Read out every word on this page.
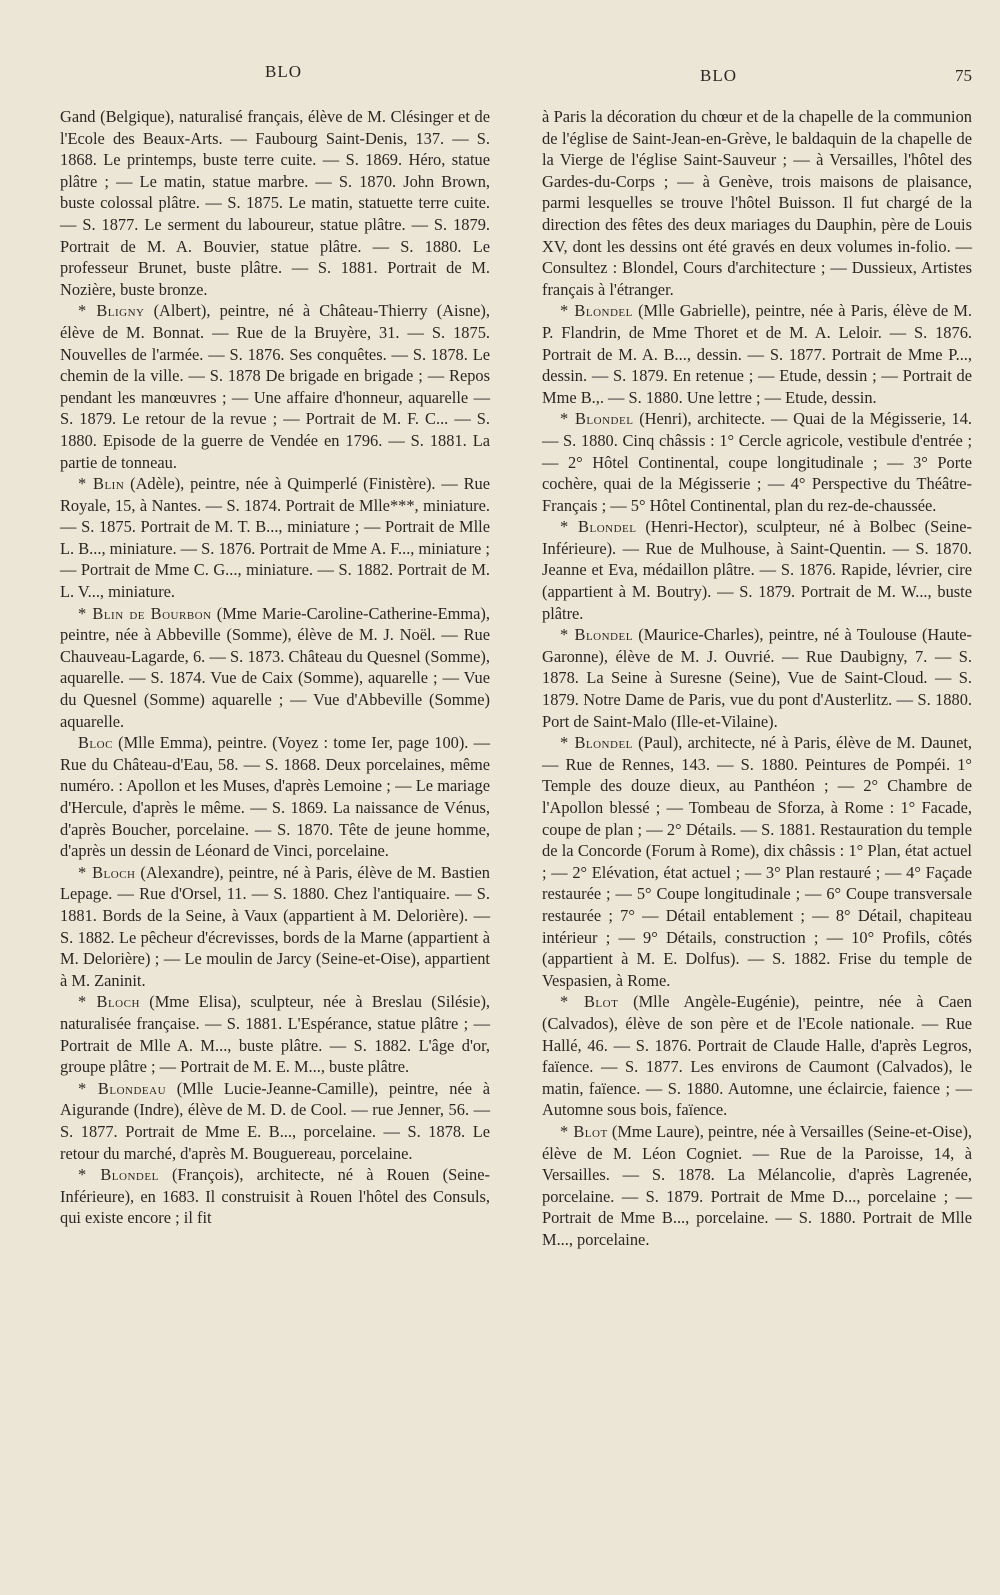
BLO	BLO	75

Gand (Belgique), naturalisé français, élève de M. Clésinger et de l'Ecole des Beaux-Arts. — Faubourg Saint-Denis, 137. — S. 1868. Le printemps, buste terre cuite. — S. 1869. Héro, statue plâtre ; — Le matin, statue marbre. — S. 1870. John Brown, buste colossal plâtre. — S. 1875. Le matin, statuette terre cuite. — S. 1877. Le serment du laboureur, statue plâtre. — S. 1879. Portrait de M. A. Bouvier, statue plâtre. — S. 1880. Le professeur Brunet, buste plâtre. — S. 1881. Portrait de M. Nozière, buste bronze.

* Bligny (Albert), peintre, né à Château-Thierry (Aisne), élève de M. Bonnat. — Rue de la Bruyère, 31. — S. 1875. Nouvelles de l'armée. — S. 1876. Ses conquêtes. — S. 1878. Le chemin de la ville. — S. 1878 De brigade en brigade ; — Repos pendant les manœuvres ; — Une affaire d'honneur, aquarelle — S. 1879. Le retour de la revue ; — Portrait de M. F. C... — S. 1880. Episode de la guerre de Vendée en 1796. — S. 1881. La partie de tonneau.

* Blin (Adèle), peintre, née à Quimperlé (Finistère). — Rue Royale, 15, à Nantes. — S. 1874. Portrait de Mlle***, miniature. — S. 1875. Portrait de M. T. B..., miniature ; — Portrait de Mlle L. B..., miniature. — S. 1876. Portrait de Mme A. F..., miniature ; — Portrait de Mme C. G..., miniature. — S. 1882. Portrait de M. L. V..., miniature.

* Blin de Bourbon (Mme Marie-Caroline-Catherine-Emma), peintre, née à Abbeville (Somme), élève de M. J. Noël. — Rue Chauveau-Lagarde, 6. — S. 1873. Château du Quesnel (Somme), aquarelle. — S. 1874. Vue de Caix (Somme), aquarelle ; — Vue du Quesnel (Somme) aquarelle ; — Vue d'Abbeville (Somme) aquarelle.

Bloc (Mlle Emma), peintre. (Voyez : tome Ier, page 100). — Rue du Château-d'Eau, 58. — S. 1868. Deux porcelaines, même numéro. : Apollon et les Muses, d'après Lemoine ; — Le mariage d'Hercule, d'après le même. — S. 1869. La naissance de Vénus, d'après Boucher, porcelaine. — S. 1870. Tête de jeune homme, d'après un dessin de Léonard de Vinci, porcelaine.

* Bloch (Alexandre), peintre, né à Paris, élève de M. Bastien Lepage. — Rue d'Orsel, 11. — S. 1880. Chez l'antiquaire. — S. 1881. Bords de la Seine, à Vaux (appartient à M. Delorière). — S. 1882. Le pêcheur d'écrevisses, bords de la Marne (appartient à M. Delorière) ; — Le moulin de Jarcy (Seine-et-Oise), appartient à M. Zaninit.

* Bloch (Mme Elisa), sculpteur, née à Breslau (Silésie), naturalisée française. — S. 1881. L'Espérance, statue plâtre ; — Portrait de Mlle A. M..., buste plâtre. — S. 1882. L'âge d'or, groupe plâtre ; — Portrait de M. E. M..., buste plâtre.

* Blondeau (Mlle Lucie-Jeanne-Camille), peintre, née à Aigurande (Indre), élève de M. D. de Cool. — rue Jenner, 56. — S. 1877. Portrait de Mme E. B..., porcelaine. — S. 1878. Le retour du marché, d'après M. Bouguereau, porcelaine.

* Blondel (François), architecte, né à Rouen (Seine-Inférieure), en 1683. Il construisit à Rouen l'hôtel des Consuls, qui existe encore ; il fit

à Paris la décoration du chœur et de la chapelle de la communion de l'église de Saint-Jean-en-Grève, le baldaquin de la chapelle de la Vierge de l'église Saint-Sauveur ; — à Versailles, l'hôtel des Gardes-du-Corps ; — à Genève, trois maisons de plaisance, parmi lesquelles se trouve l'hôtel Buisson. Il fut chargé de la direction des fêtes des deux mariages du Dauphin, père de Louis XV, dont les dessins ont été gravés en deux volumes in-folio. — Consultez : Blondel, Cours d'architecture ; — Dussieux, Artistes français à l'étranger.

* Blondel (Mlle Gabrielle), peintre, née à Paris, élève de M. P. Flandrin, de Mme Thoret et de M. A. Leloir. — S. 1876. Portrait de M. A. B..., dessin. — S. 1877. Portrait de Mme P..., dessin. — S. 1879. En retenue ; — Etude, dessin ; — Portrait de Mme B.,. — S. 1880. Une lettre ; — Etude, dessin.

* Blondel (Henri), architecte. — Quai de la Mégisserie, 14. — S. 1880. Cinq châssis : 1° Cercle agricole, vestibule d'entrée ; — 2° Hôtel Continental, coupe longitudinale ; — 3° Porte cochère, quai de la Mégisserie ; — 4° Perspective du Théâtre-Français ; — 5° Hôtel Continental, plan du rez-de-chaussée.

* Blondel (Henri-Hector), sculpteur, né à Bolbec (Seine-Inférieure). — Rue de Mulhouse, à Saint-Quentin. — S. 1870. Jeanne et Eva, médaillon plâtre. — S. 1876. Rapide, lévrier, cire (appartient à M. Boutry). — S. 1879. Portrait de M. W..., buste plâtre.

* Blondel (Maurice-Charles), peintre, né à Toulouse (Haute-Garonne), élève de M. J. Ouvrié. — Rue Daubigny, 7. — S. 1878. La Seine à Suresne (Seine), Vue de Saint-Cloud. — S. 1879. Notre Dame de Paris, vue du pont d'Austerlitz. — S. 1880. Port de Saint-Malo (Ille-et-Vilaine).

* Blondel (Paul), architecte, né à Paris, élève de M. Daunet, — Rue de Rennes, 143. — S. 1880. Peintures de Pompéi. 1° Temple des douze dieux, au Panthéon ; — 2° Chambre de l'Apollon blessé ; — Tombeau de Sforza, à Rome : 1° Facade, coupe de plan ; — 2° Détails. — S. 1881. Restauration du temple de la Concorde (Forum à Rome), dix châssis : 1° Plan, état actuel ; — 2° Elévation, état actuel ; — 3° Plan restauré ; — 4° Façade restaurée ; — 5° Coupe longitudinale ; — 6° Coupe transversale restaurée ; 7° — Détail entablement ; — 8° Détail, chapiteau intérieur ; — 9° Détails, construction ; — 10° Profils, côtés (appartient à M. E. Dolfus). — S. 1882. Frise du temple de Vespasien, à Rome.

* Blot (Mlle Angèle-Eugénie), peintre, née à Caen (Calvados), élève de son père et de l'Ecole nationale. — Rue Hallé, 46. — S. 1876. Portrait de Claude Halle, d'après Legros, faïence. — S. 1877. Les environs de Caumont (Calvados), le matin, faïence. — S. 1880. Automne, une éclaircie, faience ; — Automne sous bois, faïence.

* Blot (Mme Laure), peintre, née à Versailles (Seine-et-Oise), élève de M. Léon Cogniet. — Rue de la Paroisse, 14, à Versailles. — S. 1878. La Mélancolie, d'après Lagrenée, porcelaine. — S. 1879. Portrait de Mme D..., porcelaine ; — Portrait de Mme B..., porcelaine. — S. 1880. Portrait de Mlle M..., porcelaine.
